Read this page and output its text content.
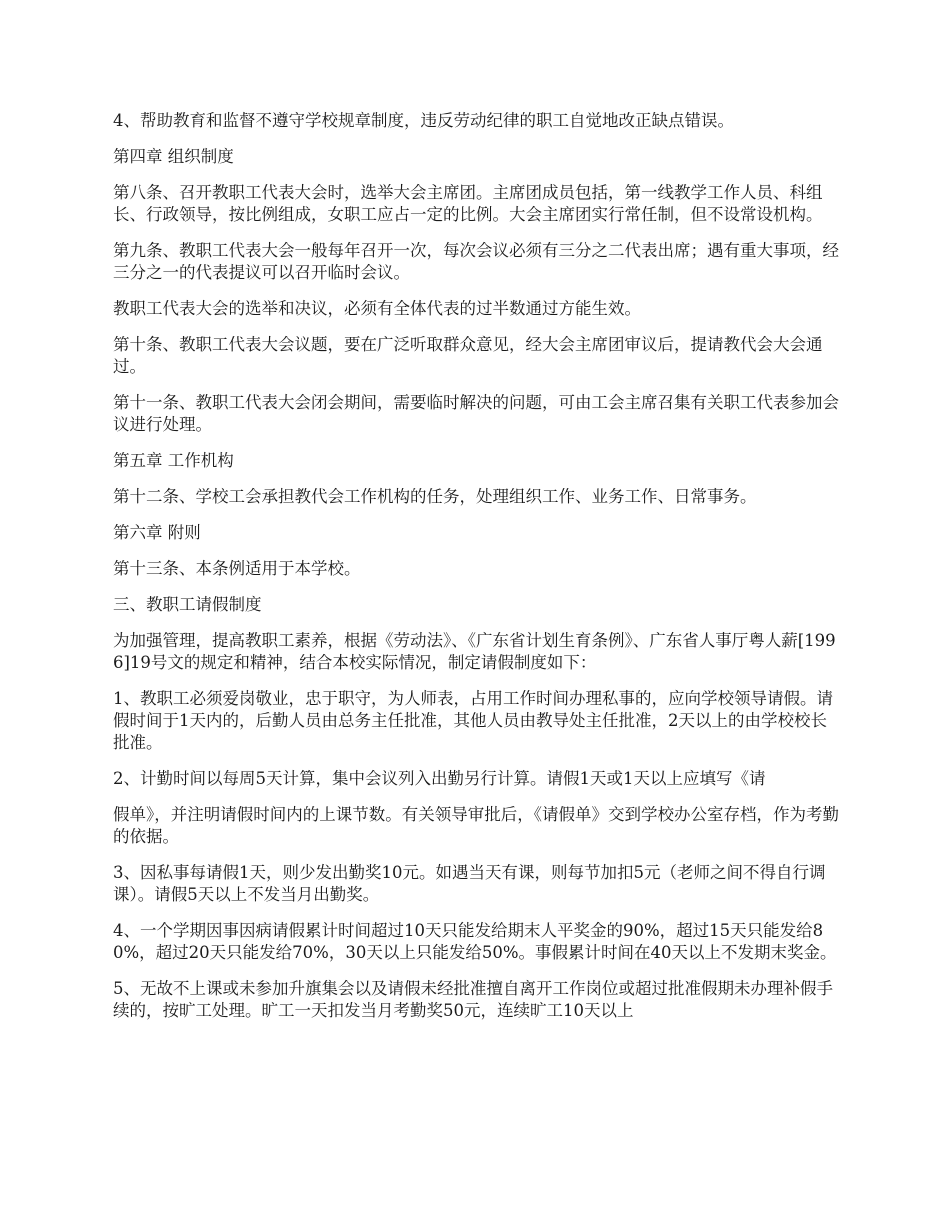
4、帮助教育和监督不遵守学校规章制度，违反劳动纪律的职工自觉地改正缺点错误。

第四章 组织制度

第八条、召开教职工代表大会时，选举大会主席团。主席团成员包括，第一线教学工作人员、科组长、行政领导，按比例组成，女职工应占一定的比例。大会主席团实行常任制，但不设常设机构。

第九条、教职工代表大会一般每年召开一次，每次会议必须有三分之二代表出席；遇有重大事项，经三分之一的代表提议可以召开临时会议。

教职工代表大会的选举和决议，必须有全体代表的过半数通过方能生效。

第十条、教职工代表大会议题，要在广泛听取群众意见，经大会主席团审议后，提请教代会大会通过。

第十一条、教职工代表大会闭会期间，需要临时解决的问题，可由工会主席召集有关职工代表参加会议进行处理。

第五章 工作机构

第十二条、学校工会承担教代会工作机构的任务，处理组织工作、业务工作、日常事务。

第六章 附则

第十三条、本条例适用于本学校。

三、教职工请假制度

为加强管理，提高教职工素养，根据《劳动法》、《广东省计划生育条例》、广东省人事厅粤人薪[1996]19号文的规定和精神，结合本校实际情况，制定请假制度如下：

1、教职工必须爱岗敬业，忠于职守，为人师表，占用工作时间办理私事的，应向学校领导请假。请假时间于1天内的，后勤人员由总务主任批准，其他人员由教导处主任批准，2天以上的由学校校长批准。

2、计勤时间以每周5天计算，集中会议列入出勤另行计算。请假1天或1天以上应填写《请

假单》，并注明请假时间内的上课节数。有关领导审批后，《请假单》交到学校办公室存档，作为考勤的依据。

3、因私事每请假1天，则少发出勤奖10元。如遇当天有课，则每节加扣5元（老师之间不得自行调课）。请假5天以上不发当月出勤奖。

4、一个学期因事因病请假累计时间超过10天只能发给期末人平奖金的90%，超过15天只能发给80%，超过20天只能发给70%，30天以上只能发给50%。事假累计时间在40天以上不发期末奖金。

5、无故不上课或未参加升旗集会以及请假未经批准擅自离开工作岗位或超过批准假期未办理补假手续的，按旷工处理。旷工一天扣发当月考勤奖50元，连续旷工10天以上
